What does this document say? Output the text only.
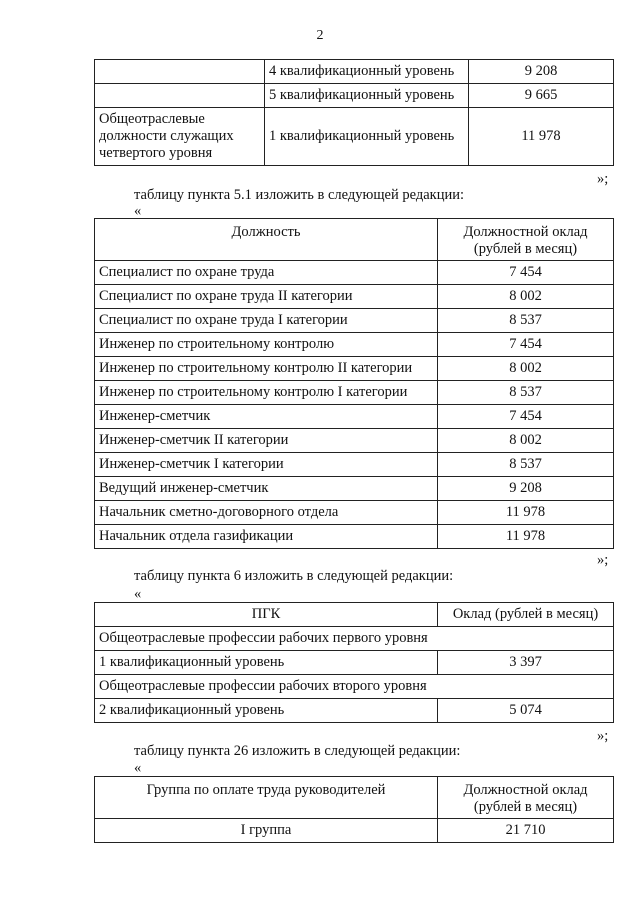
2
	4 квалификационный уровень	9 208
	5 квалификационный уровень	9 665
Общеотраслевые должности служащих четвертого уровня	1 квалификационный уровень	11 978
»;
таблицу пункта 5.1 изложить в следующей редакции:
«
Должность	Должностной оклад (рублей в месяц)
Специалист по охране труда	7 454
Специалист по охране труда II категории	8 002
Специалист по охране труда I категории	8 537
Инженер по строительному контролю	7 454
Инженер по строительному контролю II категории	8 002
Инженер по строительному контролю I категории	8 537
Инженер-сметчик	7 454
Инженер-сметчик II категории	8 002
Инженер-сметчик I категории	8 537
Ведущий инженер-сметчик	9 208
Начальник сметно-договорного отдела	11 978
Начальник отдела газификации	11 978
»;
таблицу пункта 6 изложить в следующей редакции:
«
ПГК	Оклад (рублей в месяц)
Общеотраслевые профессии рабочих первого уровня	
1 квалификационный уровень	3 397
Общеотраслевые профессии рабочих второго уровня	
2 квалификационный уровень	5 074
»;
таблицу пункта 26 изложить в следующей редакции:
«
Группа по оплате труда руководителей	Должностной оклад (рублей в месяц)
I группа	21 710
